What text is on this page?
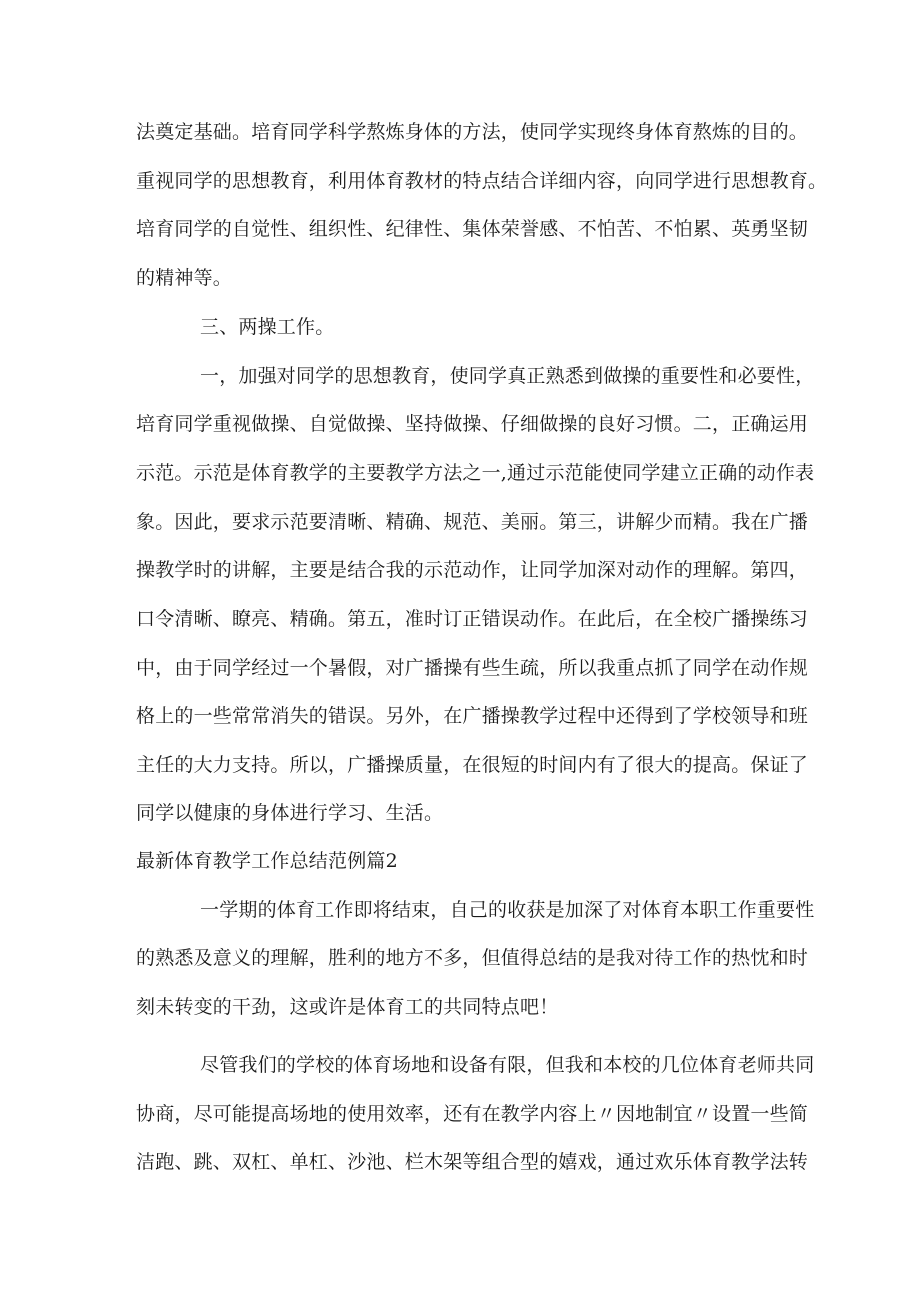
法奠定基础。培育同学科学熬炼身体的方法，使同学实现终身体育熬炼的目的。
重视同学的思想教育，利用体育教材的特点结合详细内容，向同学进行思想教育。
培育同学的自觉性、组织性、纪律性、集体荣誉感、不怕苦、不怕累、英勇坚韧
的精神等。
三、两操工作。
一，加强对同学的思想教育，使同学真正熟悉到做操的重要性和必要性，
培育同学重视做操、自觉做操、坚持做操、仔细做操的良好习惯。二，正确运用
示范。示范是体育教学的主要教学方法之一,通过示范能使同学建立正确的动作表
象。因此，要求示范要清晰、精确、规范、美丽。第三，讲解少而精。我在广播
操教学时的讲解，主要是结合我的示范动作，让同学加深对动作的理解。第四，
口令清晰、瞭亮、精确。第五，准时订正错误动作。在此后，在全校广播操练习
中，由于同学经过一个暑假，对广播操有些生疏，所以我重点抓了同学在动作规
格上的一些常常消失的错误。另外，在广播操教学过程中还得到了学校领导和班
主任的大力支持。所以，广播操质量，在很短的时间内有了很大的提高。保证了
同学以健康的身体进行学习、生活。
最新体育教学工作总结范例篇2
一学期的体育工作即将结束，自己的收获是加深了对体育本职工作重要性
的熟悉及意义的理解，胜利的地方不多，但值得总结的是我对待工作的热忱和时
刻未转变的干劲，这或许是体育工的共同特点吧！
尽管我们的学校的体育场地和设备有限，但我和本校的几位体育老师共同
协商，尽可能提高场地的使用效率，还有在教学内容上〃因地制宜〃设置一些简
洁跑、跳、双杠、单杠、沙池、栏木架等组合型的嬉戏，通过欢乐体育教学法转
